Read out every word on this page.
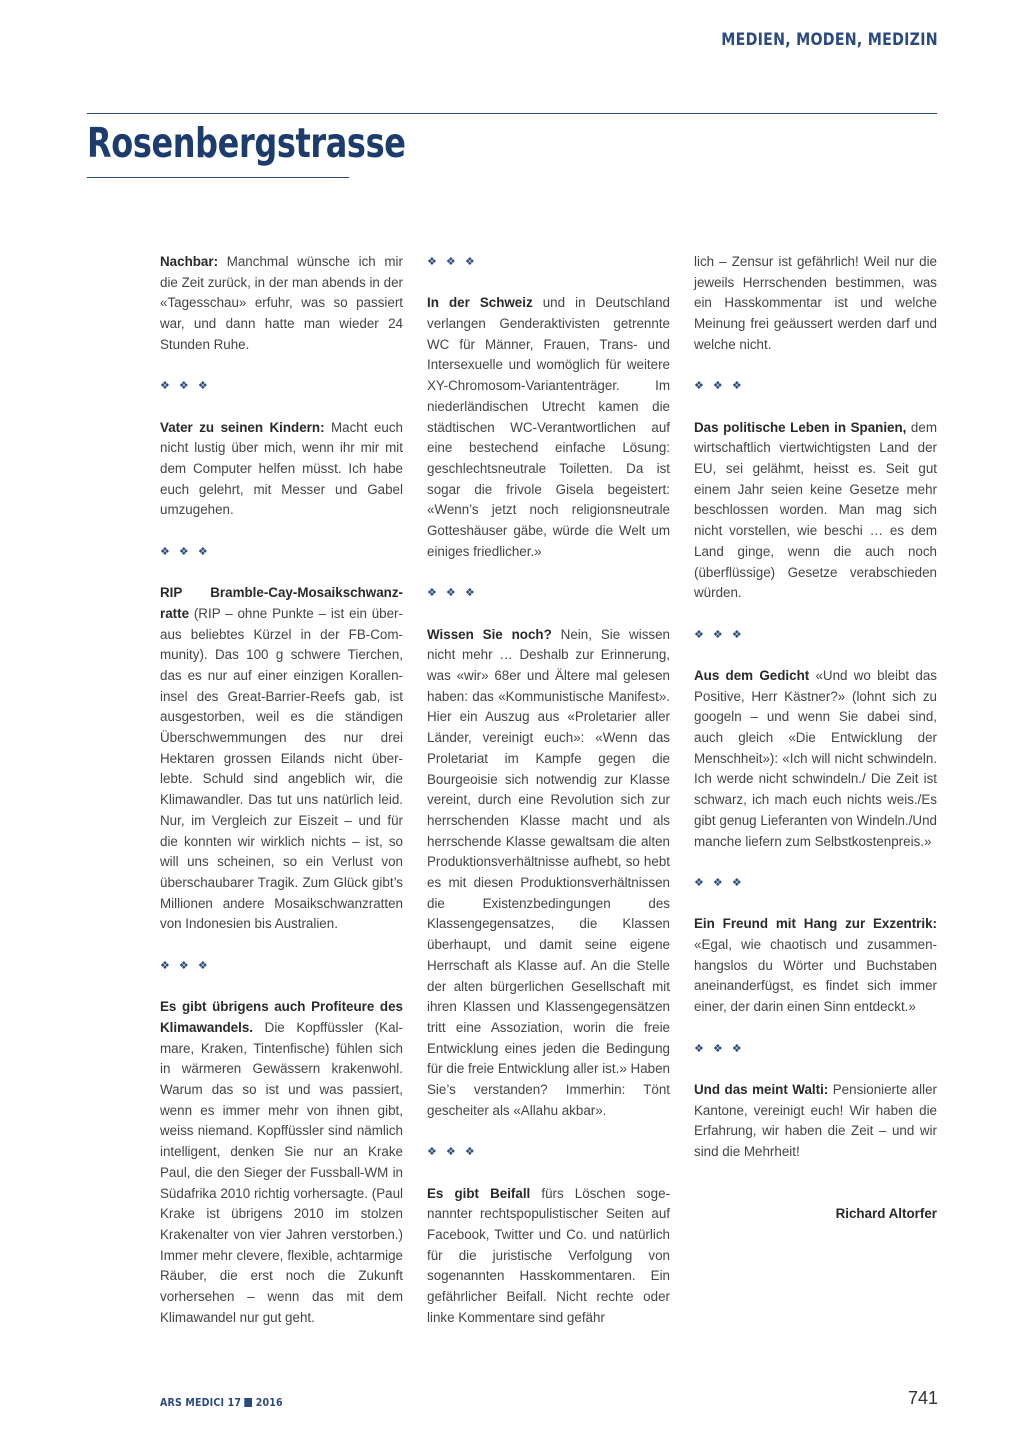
MEDIEN, MODEN, MEDIZIN
Rosenbergstrasse

Nachbar: Manchmal wünsche ich mir die Zeit zurück, in der man abends in der «Tagesschau» erfuhr, was so passiert war, und dann hatte man wieder 24 Stunden Ruhe.

❖ ❖ ❖

Vater zu seinen Kindern: Macht euch nicht lustig über mich, wenn ihr mir mit dem Computer helfen müsst. Ich habe euch gelehrt, mit Messer und Gabel umzugehen.

❖ ❖ ❖

RIP Bramble-Cay-Mosaikschwanzratte (RIP – ohne Punkte – ist ein überaus beliebtes Kürzel in der FB-Community). Das 100 g schwere Tierchen, das es nur auf einer einzigen Koralleninsel des Great-Barrier-Reefs gab, ist ausgestorben, weil es die ständigen Überschwemmungen des nur drei Hektaren grossen Eilands nicht überlebte. Schuld sind angeblich wir, die Klimawandler. Das tut uns natürlich leid. Nur, im Vergleich zur Eiszeit – und für die konnten wir wirklich nichts – ist, so will uns scheinen, so ein Verlust von überschaubarer Tragik. Zum Glück gibt’s Millionen andere Mosaikschwanzratten von Indonesien bis Australien.

❖ ❖ ❖

Es gibt übrigens auch Profiteure des Klimawandels. Die Kopffüssler (Kalmare, Kraken, Tintenfische) fühlen sich in wärmeren Gewässern krakenwohl. Warum das so ist und was passiert, wenn es immer mehr von ihnen gibt, weiss niemand. Kopffüssler sind nämlich intelligent, denken Sie nur an Krake Paul, die den Sieger der Fussball-WM in Südafrika 2010 richtig vorhersagte. (Paul Krake ist übrigens 2010 im stolzen Krakenalter von vier Jahren verstorben.) Immer mehr clevere, flexible, achtarmige Räuber, die erst noch die Zukunft vorhersehen – wenn das mit dem Klimawandel nur gut geht.

❖ ❖ ❖

In der Schweiz und in Deutschland verlangen Genderaktivisten getrennte WC für Männer, Frauen, Trans- und Intersexuelle und womöglich für weitere XY-Chromosom-Variantenträger. Im niederländischen Utrecht kamen die städtischen WC-Verantwortlichen auf eine bestechend einfache Lösung: geschlechtsneutrale Toiletten. Da ist sogar die frivole Gisela begeistert: «Wenn’s jetzt noch religionsneutrale Gotteshäuser gäbe, würde die Welt um einiges friedlicher.»

❖ ❖ ❖

Wissen Sie noch? Nein, Sie wissen nicht mehr … Deshalb zur Erinnerung, was «wir» 68er und Ältere mal gelesen haben: das «Kommunistische Manifest». Hier ein Auszug aus «Proletarier aller Länder, vereinigt euch»: «Wenn das Proletariat im Kampfe gegen die Bourgeoisie sich notwendig zur Klasse vereint, durch eine Revolution sich zur herrschenden Klasse macht und als herrschende Klasse gewaltsam die alten Produktionsverhältnisse aufhebt, so hebt es mit diesen Produktionsverhältnissen die Existenzbedingungen des Klassengegensatzes, die Klassen überhaupt, und damit seine eigene Herrschaft als Klasse auf. An die Stelle der alten bürgerlichen Gesellschaft mit ihren Klassen und Klassengegensätzen tritt eine Assoziation, worin die freie Entwicklung eines jeden die Bedingung für die freie Entwicklung aller ist.» Haben Sie’s verstanden? Immerhin: Tönt gescheiter als «Allahu akbar».

❖ ❖ ❖

Es gibt Beifall fürs Löschen sogenannter rechtspopulistischer Seiten auf Facebook, Twitter und Co. und natürlich für die juristische Verfolgung von sogenannten Hasskommentaren. Ein gefährlicher Beifall. Nicht rechte oder linke Kommentare sind gefähr

lich – Zensur ist gefährlich! Weil nur die jeweils Herrschenden bestimmen, was ein Hasskommentar ist und welche Meinung frei geäussert werden darf und welche nicht.

❖ ❖ ❖

Das politische Leben in Spanien, dem wirtschaftlich viertwichtigsten Land der EU, sei gelähmt, heisst es. Seit gut einem Jahr seien keine Gesetze mehr beschlossen worden. Man mag sich nicht vorstellen, wie beschi … es dem Land ginge, wenn die auch noch (überflüssige) Gesetze verabschieden würden.

❖ ❖ ❖

Aus dem Gedicht «Und wo bleibt das Positive, Herr Kästner?» (lohnt sich zu googeln – und wenn Sie dabei sind, auch gleich «Die Entwicklung der Menschheit»): «Ich will nicht schwindeln. Ich werde nicht schwindeln./ Die Zeit ist schwarz, ich mach euch nichts weis./Es gibt genug Lieferanten von Windeln./Und manche liefern zum Selbstkostenpreis.»

❖ ❖ ❖

Ein Freund mit Hang zur Exzentrik: «Egal, wie chaotisch und zusammenhangslos du Wörter und Buchstaben aneinanderfügst, es findet sich immer einer, der darin einen Sinn entdeckt.»

❖ ❖ ❖

Und das meint Walti: Pensionierte aller Kantone, vereinigt euch! Wir haben die Erfahrung, wir haben die Zeit – und wir sind die Mehrheit!

Richard Altorfer

ARS MEDICI 17 2016	741
